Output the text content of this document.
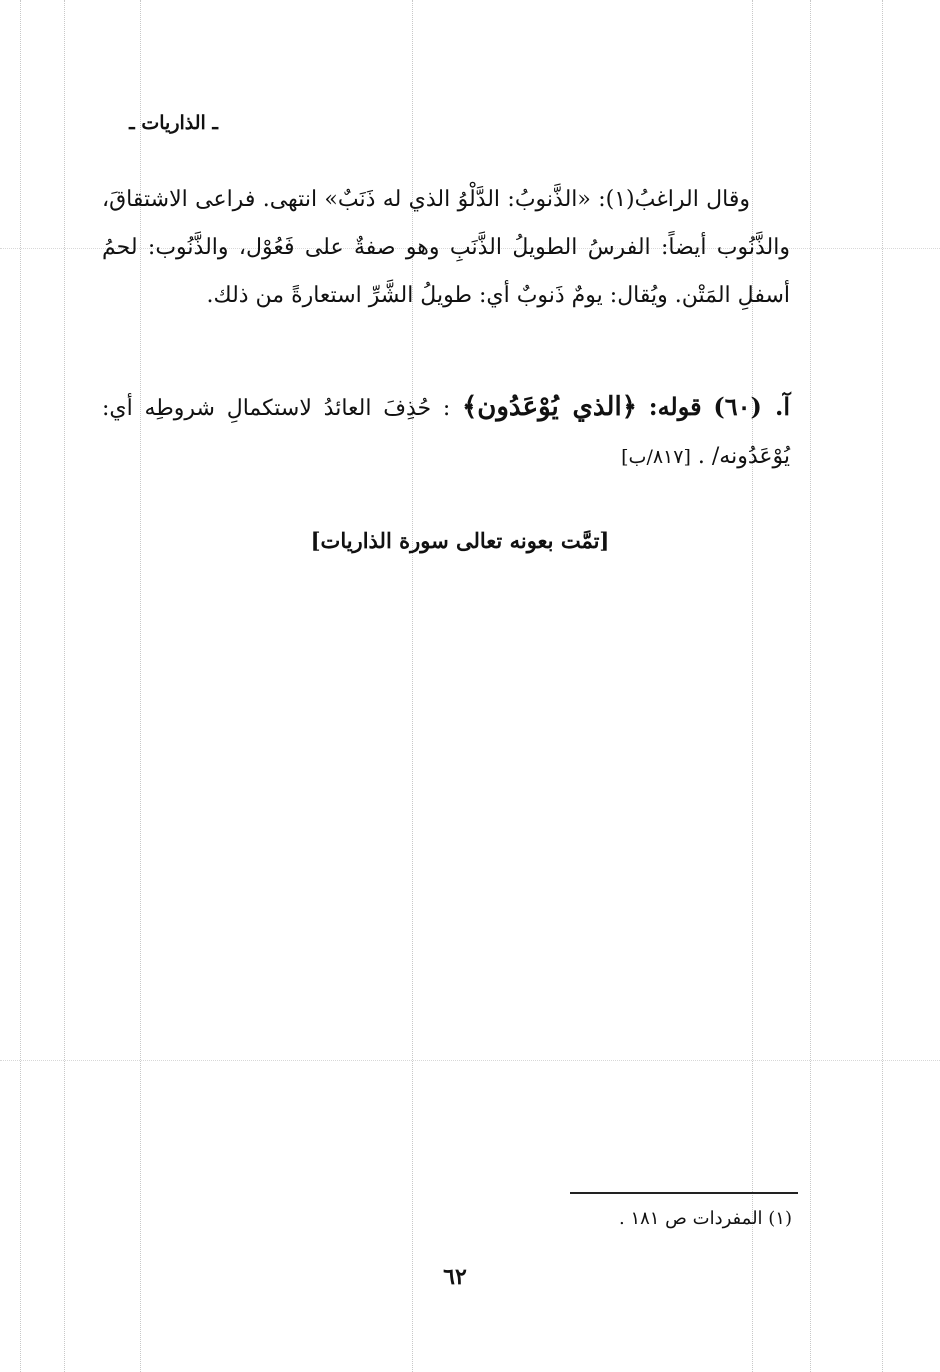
ـ الذاريات ـ
وقال الراغبُ(١): «الذَّنوبُ: الدَّلْوُ الذي له ذَنَبٌ» انتهى. فراعى الاشتقاقَ، والذَّنُوب أيضاً: الفرسُ الطويلُ الذَّنَبِ وهو صفةٌ على فَعُوْل، والذَّنُوب: لحمُ أسفلِ المَتْن. ويُقال: يومٌ ذَنوبٌ أي: طويلُ الشَّرِّ استعارةً من ذلك.
آ. (٦٠) قوله: ﴿الذي يُوْعَدُون﴾ : حُذِفَ العائدُ لاستكمالِ شروطِه أي: يُوْعَدُونه/ . [٨١٧/ب]
[تمَّت بعونه تعالى سورة الذاريات]
(١) المفردات ص ١٨١ .
٦٢
